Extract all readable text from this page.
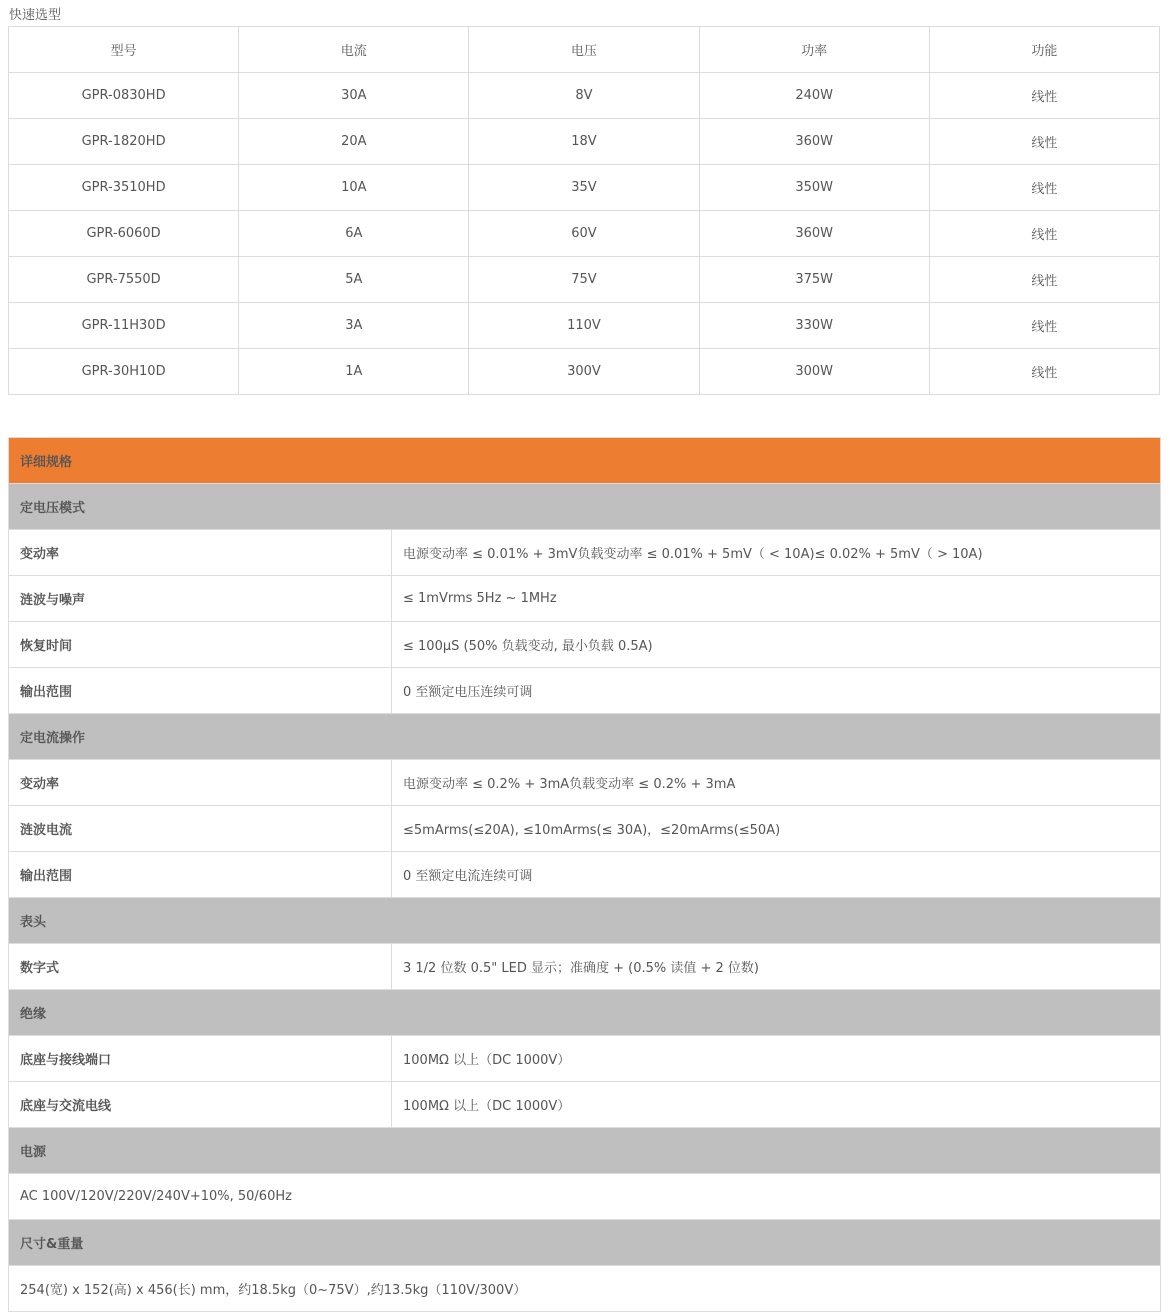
快速选型
型号	电流	电压	功率	功能
GPR-0830HD	30A	8V	240W	线性
GPR-1820HD	20A	18V	360W	线性
GPR-3510HD	10A	35V	350W	线性
GPR-6060D	6A	60V	360W	线性
GPR-7550D	5A	75V	375W	线性
GPR-11H30D	3A	110V	330W	线性
GPR-30H10D	1A	300V	300W	线性
详细规格	
定电压模式	
变动率	电源变动率 ≤ 0.01% + 3mV负载变动率 ≤ 0.01% + 5mV（ < 10A)≤ 0.02% + 5mV（ > 10A)
涟波与噪声	≤ 1mVrms 5Hz ~ 1MHz
恢复时间	≤ 100μS (50% 负载变动, 最小负载 0.5A)
输出范围	0 至额定电压连续可调
定电流操作	
变动率	电源变动率 ≤ 0.2% + 3mA负载变动率 ≤ 0.2% + 3mA
涟波电流	≤5mArms(≤20A), ≤10mArms(≤ 30A)，≤20mArms(≤50A)
输出范围	0 至额定电流连续可调
表头	
数字式	3 1/2 位数 0.5" LED 显示；准确度 + (0.5% 读值 + 2 位数)
绝缘	
底座与接线端口	100MΩ 以上（DC 1000V）
底座与交流电线	100MΩ 以上（DC 1000V）
电源	
AC 100V/120V/220V/240V+10%, 50/60Hz	
尺寸&重量	
254(宽) x 152(高) x 456(长) mm，约18.5kg（0~75V）,约13.5kg（110V/300V）	
